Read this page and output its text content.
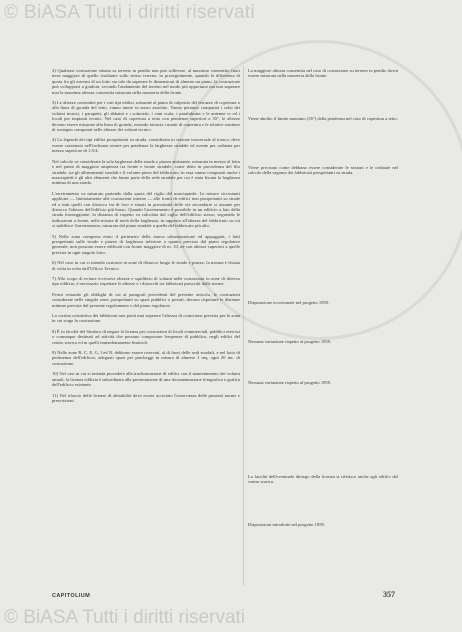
© BiASA Tutti i diritti riservati

2) Qualsiasi costruzione situata su terreno in pendio non può sollevare, al massimo consentito fuori terra maggiore di quello risultante sullo stesso terreno, in proseguimento, quando la differenza di quota fra gli estremi di un lotto sia tale da superare le dimensioni di almeno un piano, la costruzione può svilupparsi a gradoni, secondo l'andamento del terreno nel modo più opportuno ma non superare mai la massima altezza consentita misurata nella mezzeria della fronte.

3) Le altezze consentite per i vari tipi edilizi, misurate al piano di calpestio del terrazzo di copertura o alla linea di gronda del tetto, vanno intese in senso assoluto. Vanno pertanto computati i solai dei volumi tecnici, i parapetti, gli abbaini e i sottotetti, i vani scala, i parafulmini e le antenne tv ed i locali per impianti tecnici. Nel caso di copertura a tetto con pendenze superiori a 35°, le altezze devono essere misurate alla linea di gronda, essendo tuttavia i manti di copertura e le relative strutture di sostegno computati nelle altezze dei volumi tecnici.

4) La legenda dei tipi edilizi prospettanti su strada, considerata in sezione trasversale al tronco, deve essere contenuta nell'inclinata avente per pendenza la larghezza stradale ed avente per ordinata per mezzo superiore di 1:5/4.

Nel calcolo va considerata la sola larghezza della strada o piazza antistante, misurata in mezzo al lotto e nel punto di maggiore ampiezza tra fronte e fronte stradale, come detto in precedenza del filo stradale, tra gli allineamenti stradali e il volume pieno del fabbricato; in essa vanno computati anche i marciapiedi e gli altri elementi che fanno parte della sede stradale per cui è stata fissata la larghezza minima di una strada.

L'arretramento va misurato partendo dalla quota del ciglio del marciapiede. Le misure circostanti applicate — limitatamente alle costruzioni interne — alle fronti di edifici non prospettanti su strade ed a tutti quelli con distacco fra di loro e situati in prossimità delle vie secondarie si assume per distacco l'altezza dell'edificio più basso. Quando l'arretramento è possibile in un edificio a lato della strada fronteggiante, la distanza di rispetto va calcolata dal ciglio dell'edificio stesso, seguendo le indicazioni a fronte, nella misura di metà della larghezza, in rapporto all'altezza del fabbricato su cui si stabilisce l'arretramento, misurata dal piano stradale a quella del fabbricato più alto.

5) Nella zona compresa entro il perimetro della nuova urbanizzazione ed appoggiati, i lotti prospettanti sulle strade e piazze di larghezza inferiore a quanto previsto dal piano regolatore generale, non possono essere edificati con fronte maggiore di m. 10, né con altezze superiori a quelle previste in ogni singolo lotto.

6) Nel caso in cui si intenda costruire in zone di distacco lungo le strade e piazze, la misura è fissata di volta in volta dall'Ufficio Tecnico.

7) Allo scopo di evitare eccessive altezze e squilibrio di volumi nelle costruzioni in zone di diverso tipo edilizio, è necessario rispettare le altezze e i distacchi tra fabbricati prescritti dalle norme.

Fermi restando gli obblighi di cui ai paragrafi precedenti del presente articolo, le costruzioni considerate nelle singole zone, prospettanti su spazi pubblici o privati, devono rispettare le distanze minime previste dal presente regolamento e dal piano regolatore.

La cortina costruttiva dei fabbricati non potrà mai superare l'altezza di cornicione prevista per la zona in cui sorge la costruzione.

8) È in facoltà del Sindaco di negare la licenza per costruzioni di locali commerciali, pubblici esercizi o comunque destinati ad attività che possano comportare frequenze di pubblico, negli edifici del centro storico ed in quelli immediatamente limitrofi.

9) Nelle zone R, C, E, G, I ed N, debbono essere riservati, al di fuori delle sedi stradali, e nel lotto di pertinenza dell'edificio, adeguati spazi per parcheggi in misura di almeno 1 mq. ogni 20 mc. di costruzione.

10) Nei casi in cui si intenda procedere alla trasformazione di edifici con il mantenimento dei volumi attuali, la licenza edilizia è subordinata alla presentazione di una documentazione fotografica e grafica dell'edificio esistente.

11) Nel rilascio delle licenze di abitabilità deve essere accertato l'osservanza delle presenti norme e prescrizioni.

La maggiore altezza consentita nel caso di costruzione su terreno in pendio dovrà essere misurata nella mezzeria della fronte.
Viene abolito il limite massimo (35°) della pendenza nel caso di copertura a tetto.
Viene precisato come debbano essere considerate le sezioni e le ordinate nel calcolo della sagoma dei fabbricati prospettanti su strada.
Disposizione eccezionale nel progetto 1959.
Nessuna variazione rispetto al progetto 1959.
Nessuna variazione rispetto al progetto 1959.
La facoltà dell'eventuale diniego della licenza si riferisce anche agli edifici del centro storico.
Disposizioni introdotte nel progetto 1959.
CAPITOLIUM	357
© BiASA Tutti i diritti riservati
